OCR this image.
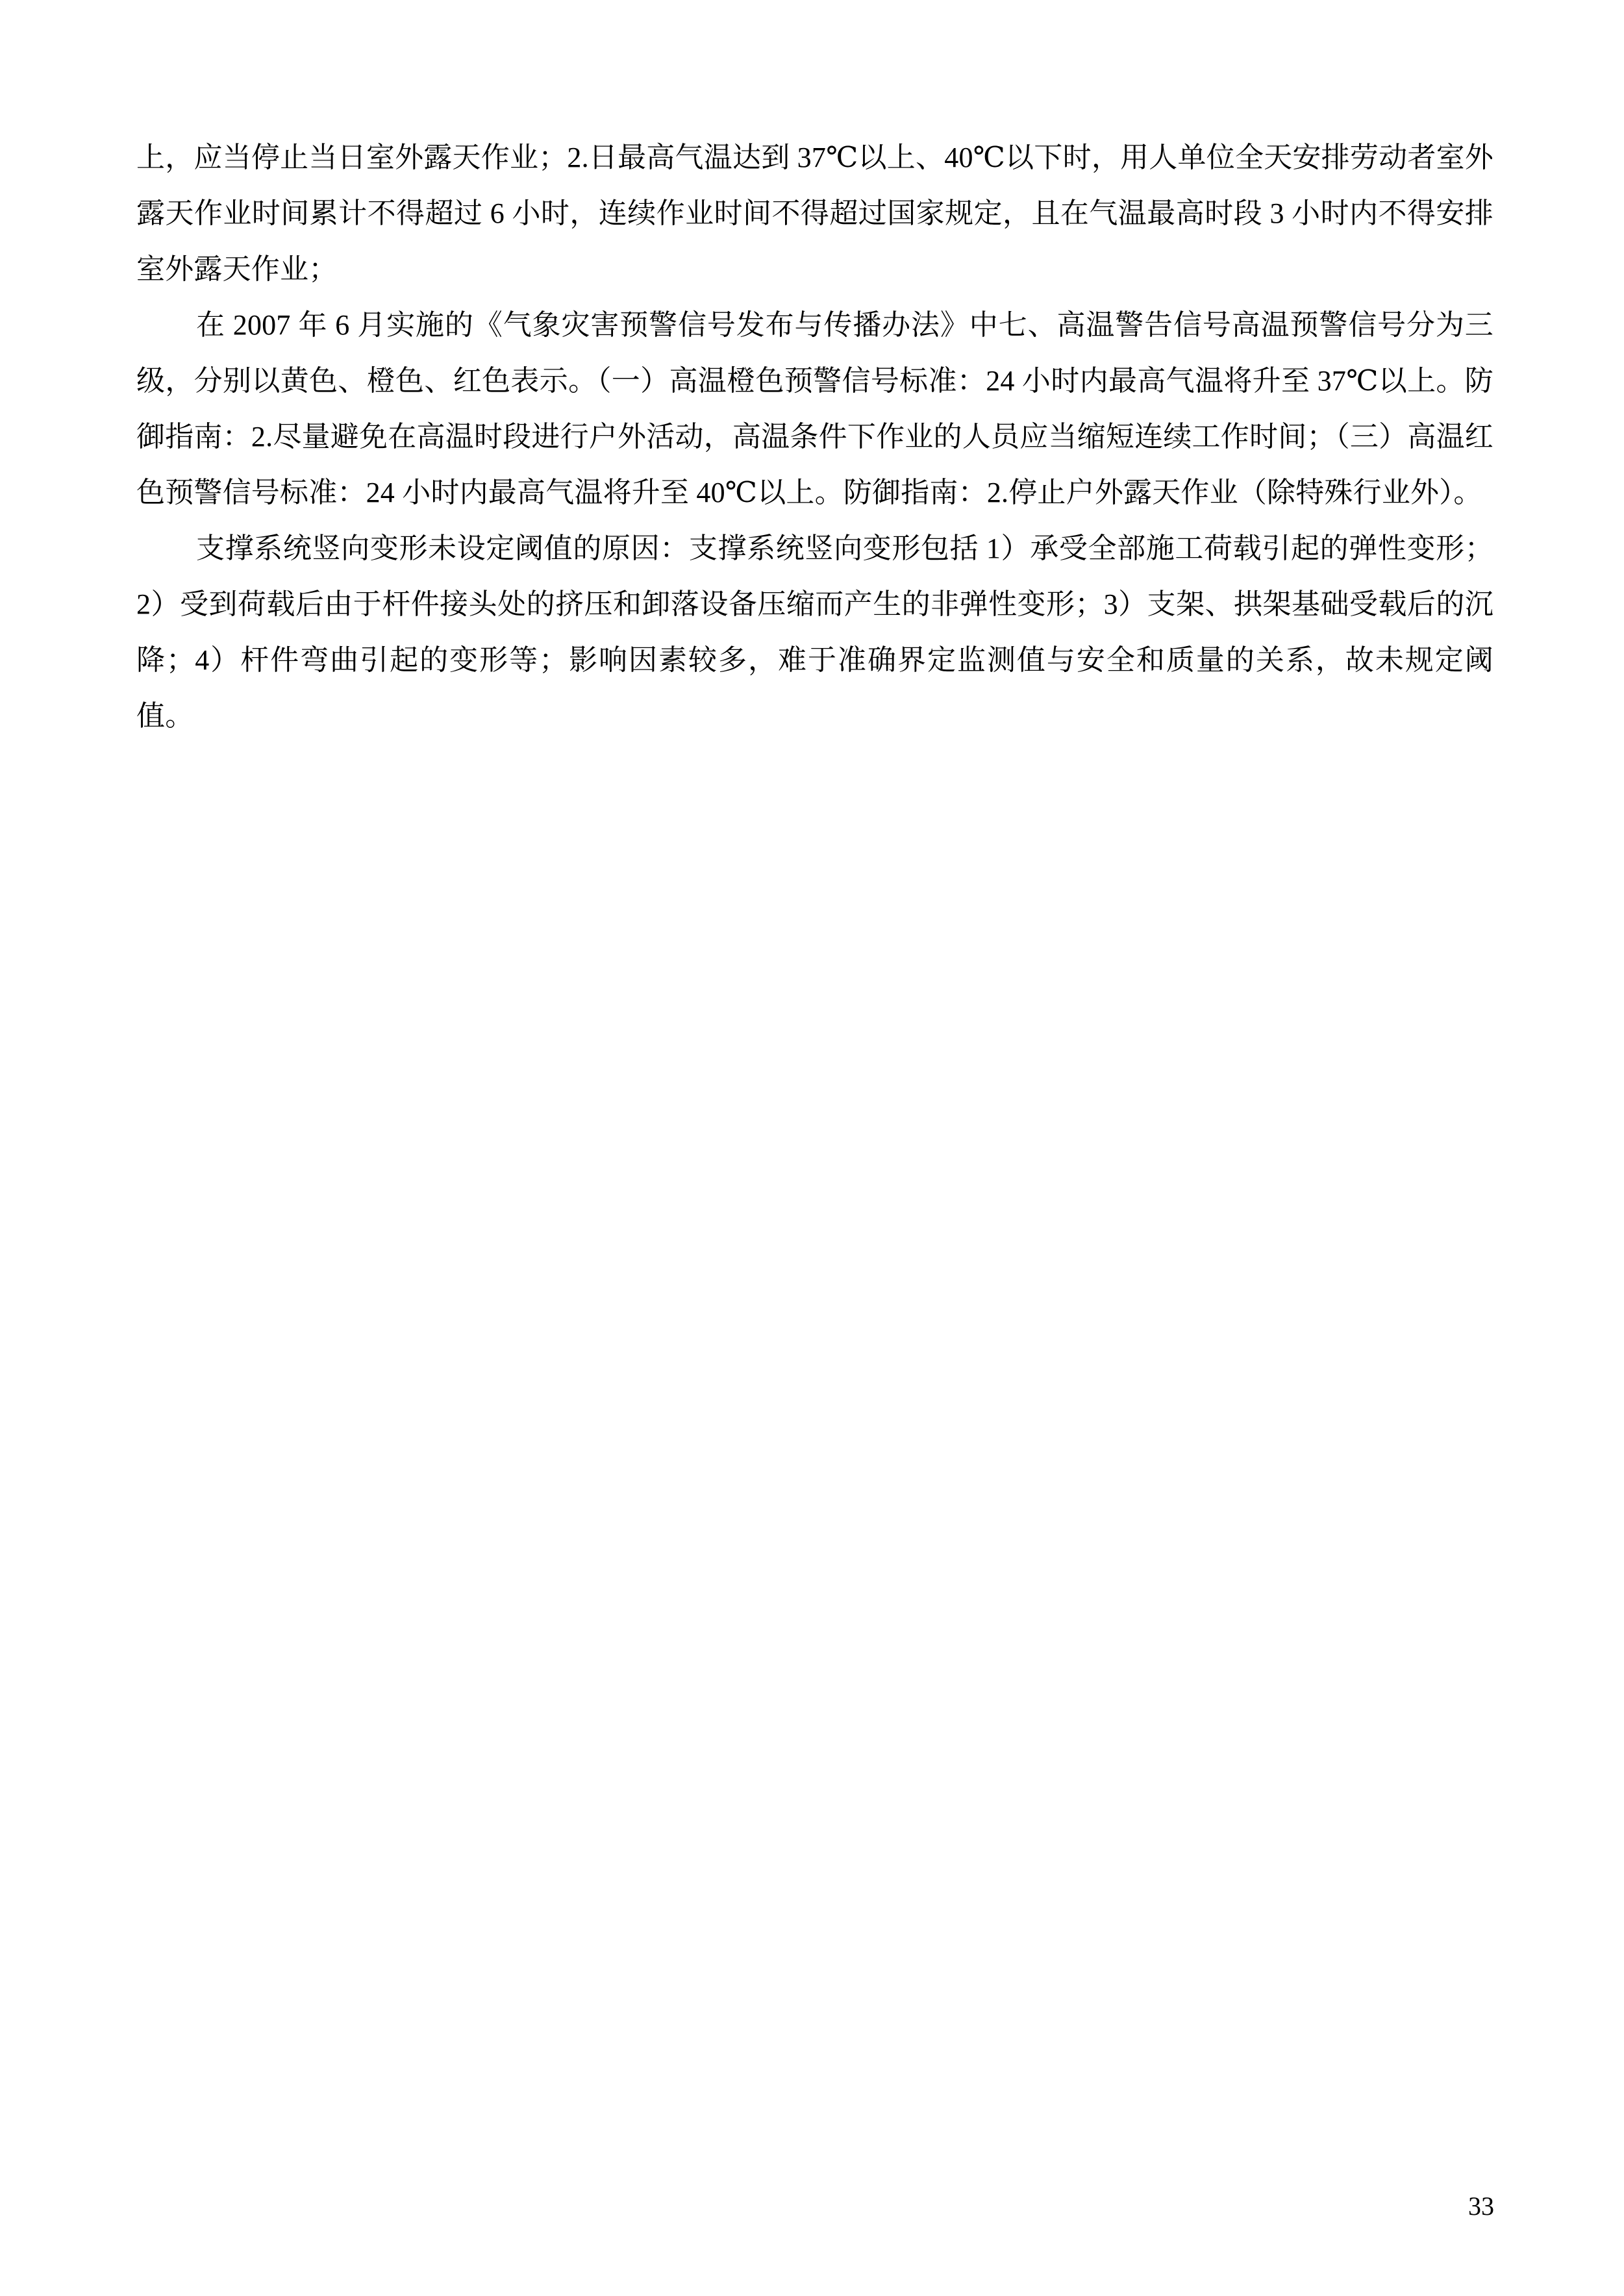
上，应当停止当日室外露天作业；2.日最高气温达到 37℃以上、40℃以下时，用人单位全天安排劳动者室外露天作业时间累计不得超过 6 小时，连续作业时间不得超过国家规定，且在气温最高时段 3 小时内不得安排室外露天作业；

在 2007 年 6 月实施的《气象灾害预警信号发布与传播办法》中七、高温警告信号高温预警信号分为三级，分别以黄色、橙色、红色表示。（一）高温橙色预警信号标准：24 小时内最高气温将升至 37℃以上。防御指南：2.尽量避免在高温时段进行户外活动，高温条件下作业的人员应当缩短连续工作时间；（三）高温红色预警信号标准：24 小时内最高气温将升至 40℃以上。防御指南：2.停止户外露天作业（除特殊行业外）。

支撑系统竖向变形未设定阈值的原因：支撑系统竖向变形包括 1）承受全部施工荷载引起的弹性变形；2）受到荷载后由于杆件接头处的挤压和卸落设备压缩而产生的非弹性变形；3）支架、拱架基础受载后的沉降；4）杆件弯曲引起的变形等；影响因素较多，难于准确界定监测值与安全和质量的关系，故未规定阈值。

33
